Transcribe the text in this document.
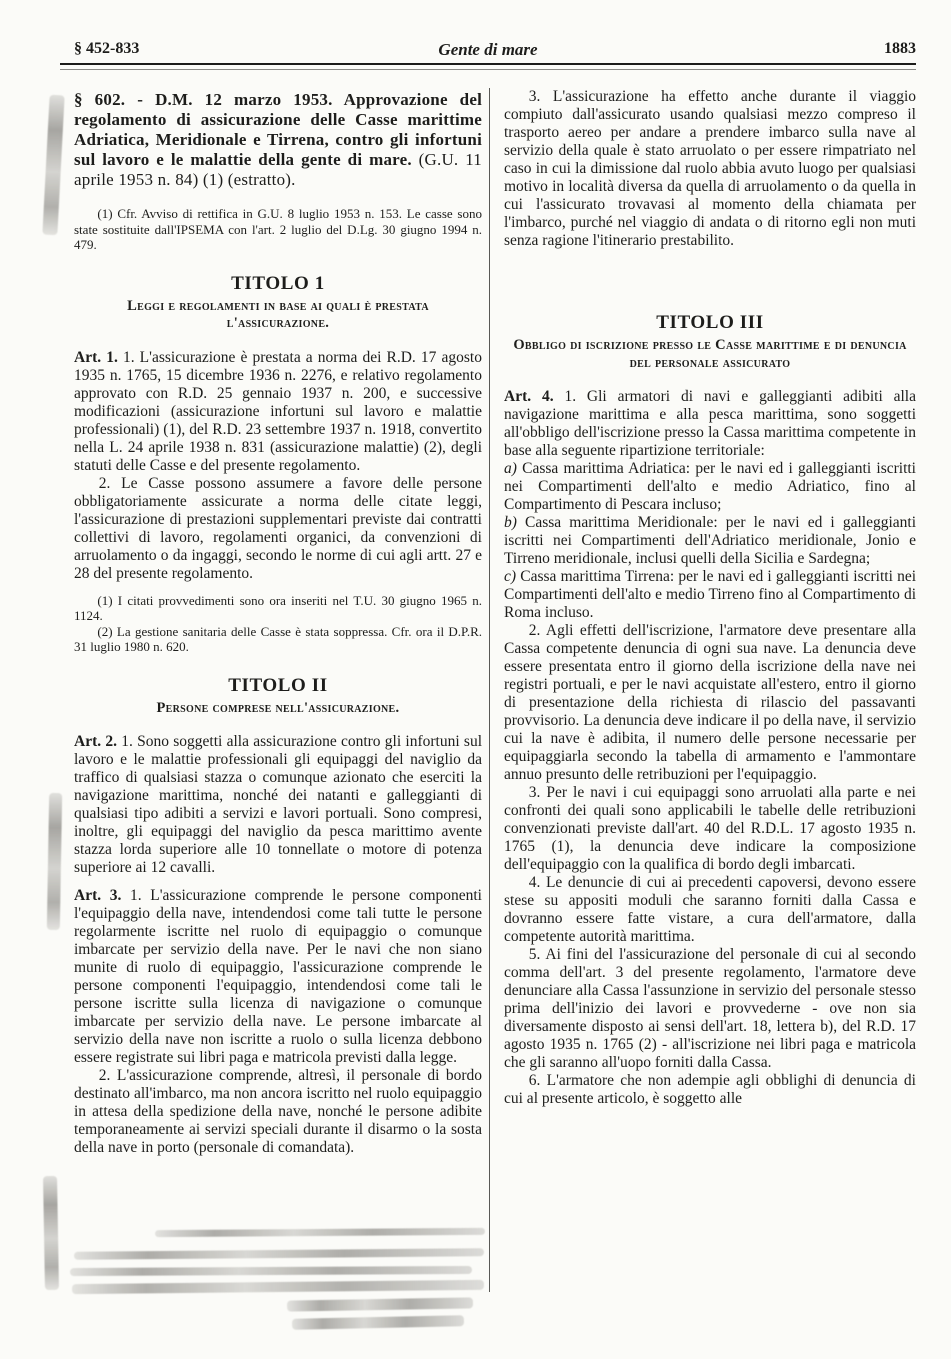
§ 452-833	Gente di mare	1883

§ 602. - D.M. 12 marzo 1953. Approvazione del regolamento di assicurazione delle Casse marittime Adriatica, Meridionale e Tirrena, contro gli infortuni sul lavoro e le malattie della gente di mare. (G.U. 11 aprile 1953 n. 84) (1) (estratto).

(1) Cfr. Avviso di rettifica in G.U. 8 luglio 1953 n. 153. Le casse sono state sostituite dall'IPSEMA con l'art. 2 luglio del D.Lg. 30 giugno 1994 n. 479.

TITOLO 1

Leggi e regolamenti in base ai quali è prestata l'assicurazione.

Art. 1. 1. L'assicurazione è prestata a norma dei R.D. 17 agosto 1935 n. 1765, 15 dicembre 1936 n. 2276, e relativo regolamento approvato con R.D. 25 gennaio 1937 n. 200, e successive modificazioni (assicurazione infortuni sul lavoro e malattie professionali) (1), del R.D. 23 settembre 1937 n. 1918, convertito nella L. 24 aprile 1938 n. 831 (assicurazione malattie) (2), degli statuti delle Casse e del presente regolamento.

2. Le Casse possono assumere a favore delle persone obbligatoriamente assicurate a norma delle citate leggi, l'assicurazione di prestazioni supplementari previste dai contratti collettivi di lavoro, regolamenti organici, da convenzioni di arruolamento o da ingaggi, secondo le norme di cui agli artt. 27 e 28 del presente regolamento.

(1) I citati provvedimenti sono ora inseriti nel T.U. 30 giugno 1965 n. 1124.

(2) La gestione sanitaria delle Casse è stata soppressa. Cfr. ora il D.P.R. 31 luglio 1980 n. 620.

TITOLO II

Persone comprese nell'assicurazione.

Art. 2. 1. Sono soggetti alla assicurazione contro gli infortuni sul lavoro e le malattie professionali gli equipaggi del naviglio da traffico di qualsiasi stazza o comunque azionato che eserciti la navigazione marittima, nonché dei natanti e galleggianti di qualsiasi tipo adibiti a servizi e lavori portuali. Sono compresi, inoltre, gli equipaggi del naviglio da pesca marittimo avente stazza lorda superiore alle 10 tonnellate o motore di potenza superiore ai 12 cavalli.

Art. 3. 1. L'assicurazione comprende le persone componenti l'equipaggio della nave, intendendosi come tali tutte le persone regolarmente iscritte nel ruolo di equipaggio o comunque imbarcate per servizio della nave. Per le navi che non siano munite di ruolo di equipaggio, l'assicurazione comprende le persone componenti l'equipaggio, intendendosi come tali le persone iscritte sulla licenza di navigazione o comunque imbarcate per servizio della nave. Le persone imbarcate al servizio della nave non iscritte a ruolo o sulla licenza debbono essere registrate sui libri paga e matricola previsti dalla legge.

2. L'assicurazione comprende, altresì, il personale di bordo destinato all'imbarco, ma non ancora iscritto nel ruolo equipaggio in attesa della spedizione della nave, nonché le persone adibite temporaneamente ai servizi speciali durante il disarmo o la sosta della nave in porto (personale di comandata).

3. L'assicurazione ha effetto anche durante il viaggio compiuto dall'assicurato usando qualsiasi mezzo compreso il trasporto aereo per andare a prendere imbarco sulla nave al servizio della quale è stato arruolato o per essere rimpatriato nel caso in cui la dimissione dal ruolo abbia avuto luogo per qualsiasi motivo in località diversa da quella di arruolamento o da quella in cui l'assicurato trovavasi al momento della chiamata per l'imbarco, purché nel viaggio di andata o di ritorno egli non muti senza ragione l'itinerario prestabilito.

TITOLO III

Obbligo di iscrizione presso le Casse marittime e di denuncia del personale assicurato

Art. 4. 1. Gli armatori di navi e galleggianti adibiti alla navigazione marittima e alla pesca marittima, sono soggetti all'obbligo dell'iscrizione presso la Cassa marittima competente in base alla seguente ripartizione territoriale:

a) Cassa marittima Adriatica: per le navi ed i galleggianti iscritti nei Compartimenti dell'alto e medio Adriatico, fino al Compartimento di Pescara incluso;

b) Cassa marittima Meridionale: per le navi ed i galleggianti iscritti nei Compartimenti dell'Adriatico meridionale, Jonio e Tirreno meridionale, inclusi quelli della Sicilia e Sardegna;

c) Cassa marittima Tirrena: per le navi ed i galleggianti iscritti nei Compartimenti dell'alto e medio Tirreno fino al Compartimento di Roma incluso.

2. Agli effetti dell'iscrizione, l'armatore deve presentare alla Cassa competente denuncia di ogni sua nave. La denuncia deve essere presentata entro il giorno della iscrizione della nave nei registri portuali, e per le navi acquistate all'estero, entro il giorno di presentazione della richiesta di rilascio del passavanti provvisorio. La denuncia deve indicare il po della nave, il servizio cui la nave è adibita, il numero delle persone necessarie per equipaggiarla secondo la tabella di armamento e l'ammontare annuo presunto delle retribuzioni per l'equipaggio.

3. Per le navi i cui equipaggi sono arruolati alla parte e nei confronti dei quali sono applicabili le tabelle delle retribuzioni convenzionati previste dall'art. 40 del R.D.L. 17 agosto 1935 n. 1765 (1), la denuncia deve indicare la composizione dell'equipaggio con la qualifica di bordo degli imbarcati.

4. Le denuncie di cui ai precedenti capoversi, devono essere stese su appositi moduli che saranno forniti dalla Cassa e dovranno essere fatte vistare, a cura dell'armatore, dalla competente autorità marittima.

5. Ai fini del l'assicurazione del personale di cui al secondo comma dell'art. 3 del presente regolamento, l'armatore deve denunciare alla Cassa l'assunzione in servizio del personale stesso prima dell'inizio dei lavori e provvederne - ove non sia diversamente disposto ai sensi dell'art. 18, lettera b), del R.D. 17 agosto 1935 n. 1765 (2) - all'iscrizione nei libri paga e matricola che gli saranno all'uopo forniti dalla Cassa.

6. L'armatore che non adempie agli obblighi di denuncia di cui al presente articolo, è soggetto alle
